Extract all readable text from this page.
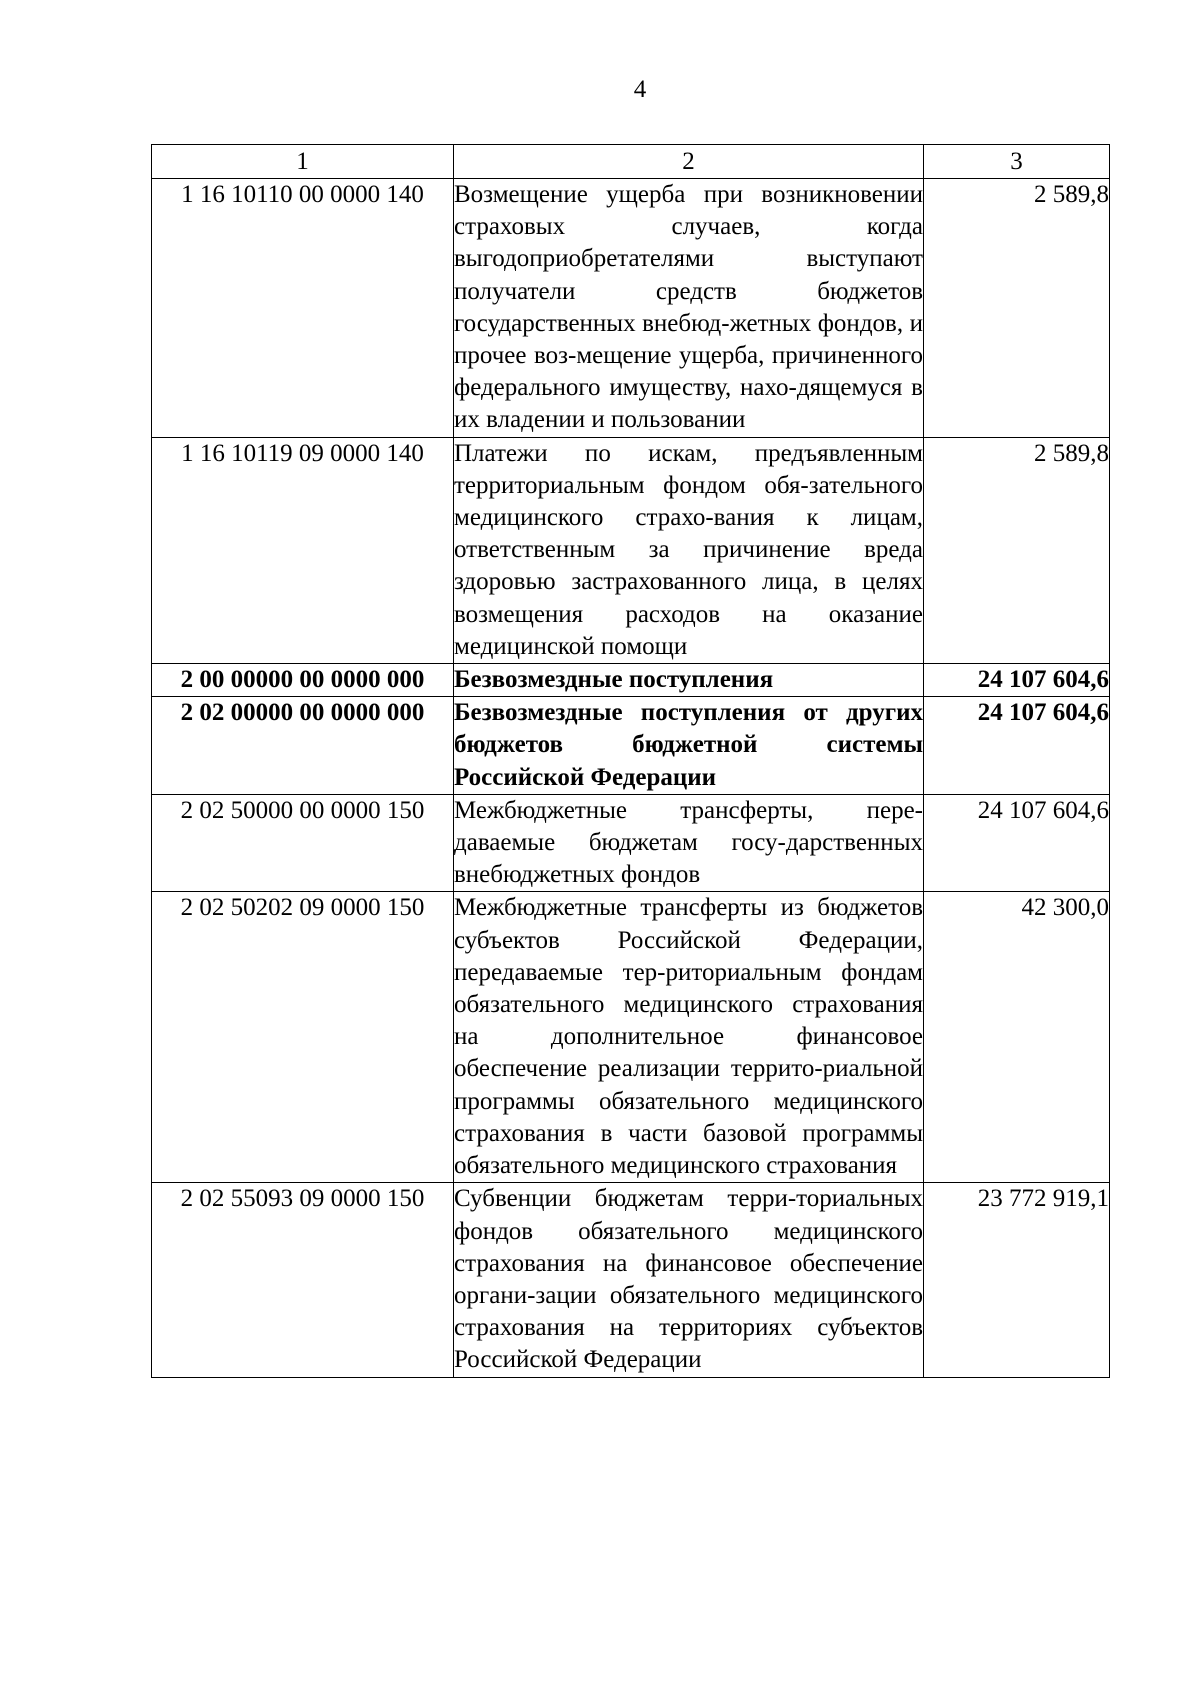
4
1	2	3
1 16 10110 00 0000 140	Возмещение ущерба при возникновении страховых случаев, когда выгодоприобретателями выступают получатели средств бюджетов государственных внебюд-жетных фондов, и прочее воз-мещение ущерба, причиненного федерального имуществу, нахо-дящемуся в их владении и пользовании	2 589,8
1 16 10119 09 0000 140	Платежи по искам, предъявленным территориальным фондом обя-зательного медицинского страхо-вания к лицам, ответственным за причинение вреда здоровью застрахованного лица, в целях возмещения расходов на оказание медицинской помощи	2 589,8
2 00 00000 00 0000 000	Безвозмездные поступления	24 107 604,6
2 02 00000 00 0000 000	Безвозмездные поступления от других бюджетов бюджетной системы Российской Федерации	24 107 604,6
2 02 50000 00 0000 150	Межбюджетные трансферты, пере-даваемые бюджетам госу-дарственных внебюджетных фондов	24 107 604,6
2 02 50202 09 0000 150	Межбюджетные трансферты из бюджетов субъектов Российской Федерации, передаваемые тер-риториальным фондам обязательного медицинского страхования на дополнительное финансовое обеспечение реализации террито-риальной программы обязательного медицинского страхования в части базовой программы обязательного медицинского страхования	42 300,0
2 02 55093 09 0000 150	Субвенции бюджетам терри-ториальных фондов обязательного медицинского страхования на финансовое обеспечение органи-зации обязательного медицинского страхования на территориях субъектов Российской Федерации	23 772 919,1
